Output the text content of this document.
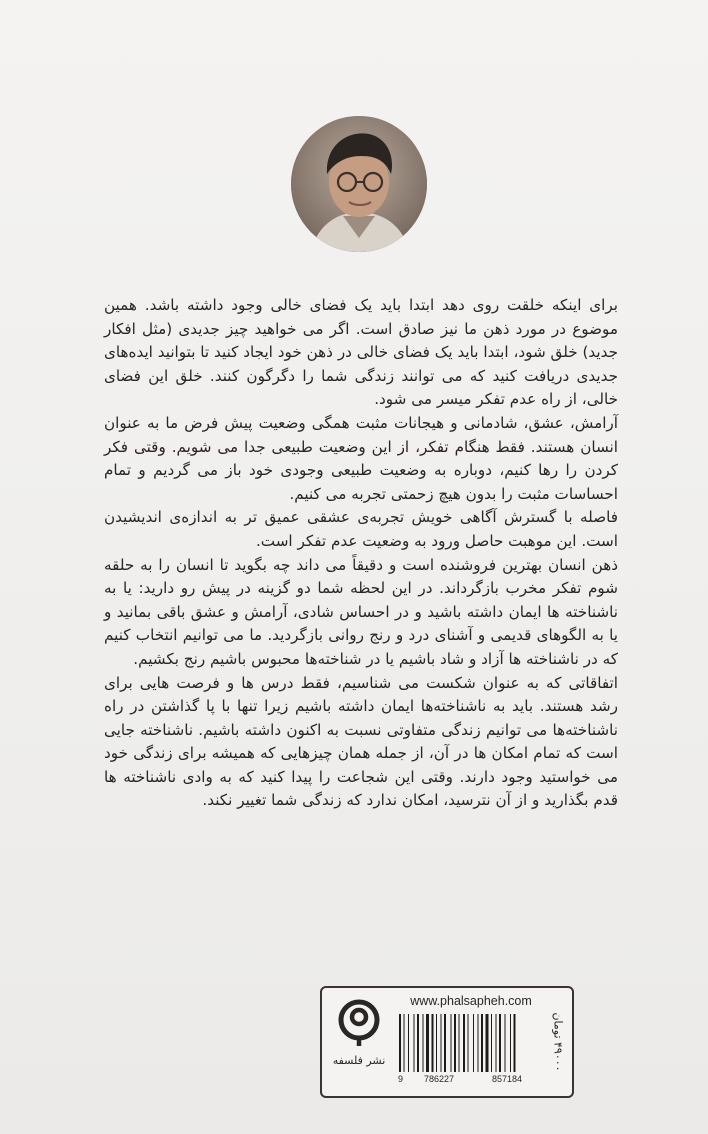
برای اینکه خلقت روی دهد ابتدا باید یک فضای خالی وجود داشته باشد. همین موضوع در مورد ذهن ما نیز صادق است. اگر می خواهید چیز جدیدی (مثل افکار جدید) خلق شود، ابتدا باید یک فضای خالی در ذهن خود ایجاد کنید تا بتوانید ایده‌های جدیدی دریافت کنید که می توانند زندگی شما را دگرگون کنند. خلق این فضای خالی، از راه عدم تفکر میسر می شود.

آرامش، عشق، شادمانی و هیجانات مثبت همگی وضعیت پیش فرض ما به عنوان انسان هستند. فقط هنگام تفکر، از این وضعیت طبیعی جدا می شویم. وقتی فکر کردن را رها کنیم، دوباره به وضعیت طبیعی وجودی خود باز می گردیم و تمام احساسات مثبت را بدون هیچ زحمتی تجربه می کنیم.

فاصله با گسترش آگاهی خویش تجربه‌ی عشقی عمیق تر به اندازه‌ی اندیشیدن است. این موهبت حاصل ورود به وضعیت عدم تفکر است.

ذهن انسان بهترین فروشنده است و دقیقاً می داند چه بگوید تا انسان را به حلقه شوم تفکر مخرب بازگرداند. در این لحظه شما دو گزینه در پیش رو دارید: یا به ناشناخته ها ایمان داشته باشید و در احساس شادی، آرامش و عشق باقی بمانید و یا به الگوهای قدیمی و آشنای درد و رنج روانی بازگردید. ما می توانیم انتخاب کنیم که در ناشناخته ها آزاد و شاد باشیم یا در شناخته‌ها محبوس باشیم رنج بکشیم.

اتفاقاتی که به عنوان شکست می شناسیم، فقط درس ها و فرصت هایی برای رشد هستند. باید به ناشناخته‌ها ایمان داشته باشیم زیرا تنها با پا گذاشتن در راه ناشناخته‌ها می توانیم زندگی متفاوتی نسبت به اکنون داشته باشیم. ناشناخته جایی است که تمام امکان ها در آن، از جمله همان چیزهایی که همیشه برای زندگی خود می خواستید وجود دارند. وقتی این شجاعت را پیدا کنید که به وادی ناشناخته ها قدم بگذارید و از آن نترسید، امکان ندارد که زندگی شما تغییر نکند.

نشر فلسفه
www.phalsapheh.com
9 786227	857184
۴۹۰۰۰ تومان
